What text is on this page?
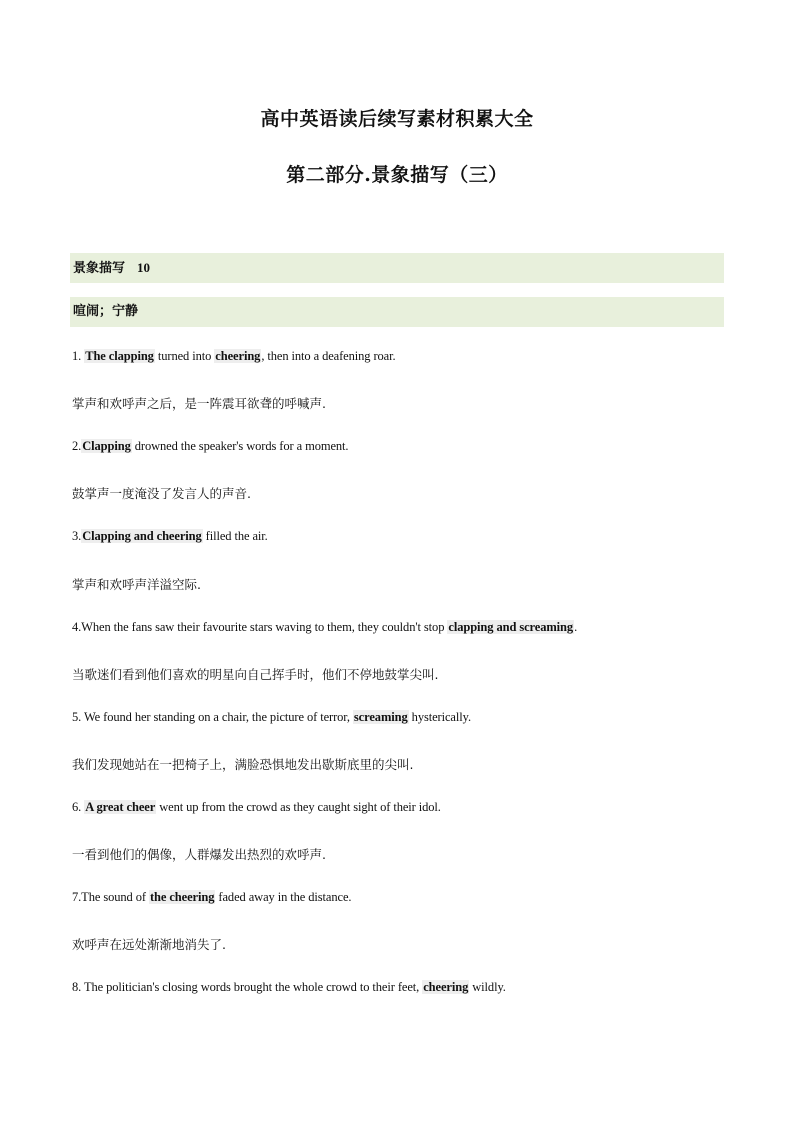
高中英语读后续写素材积累大全
第二部分.景象描写（三）
景象描写 10
喧闹；宁静
1. The clapping turned into cheering, then into a deafening roar.
掌声和欢呼声之后，是一阵震耳欲聋的呼喊声.
2.Clapping drowned the speaker's words for a moment.
鼓掌声一度淹没了发言人的声音.
3.Clapping and cheering filled the air.
掌声和欢呼声洋溢空际.
4.When the fans saw their favourite stars waving to them, they couldn't stop clapping and screaming.
当歌迷们看到他们喜欢的明星向自己挥手时，他们不停地鼓掌尖叫.
5. We found her standing on a chair, the picture of terror, screaming hysterically.
我们发现她站在一把椅子上，满脸恐惧地发出歇斯底里的尖叫.
6. A great cheer went up from the crowd as they caught sight of their idol.
一看到他们的偶像，人群爆发出热烈的欢呼声.
7.The sound of the cheering faded away in the distance.
欢呼声在远处渐渐地消失了.
8. The politician's closing words brought the whole crowd to their feet, cheering wildly.
